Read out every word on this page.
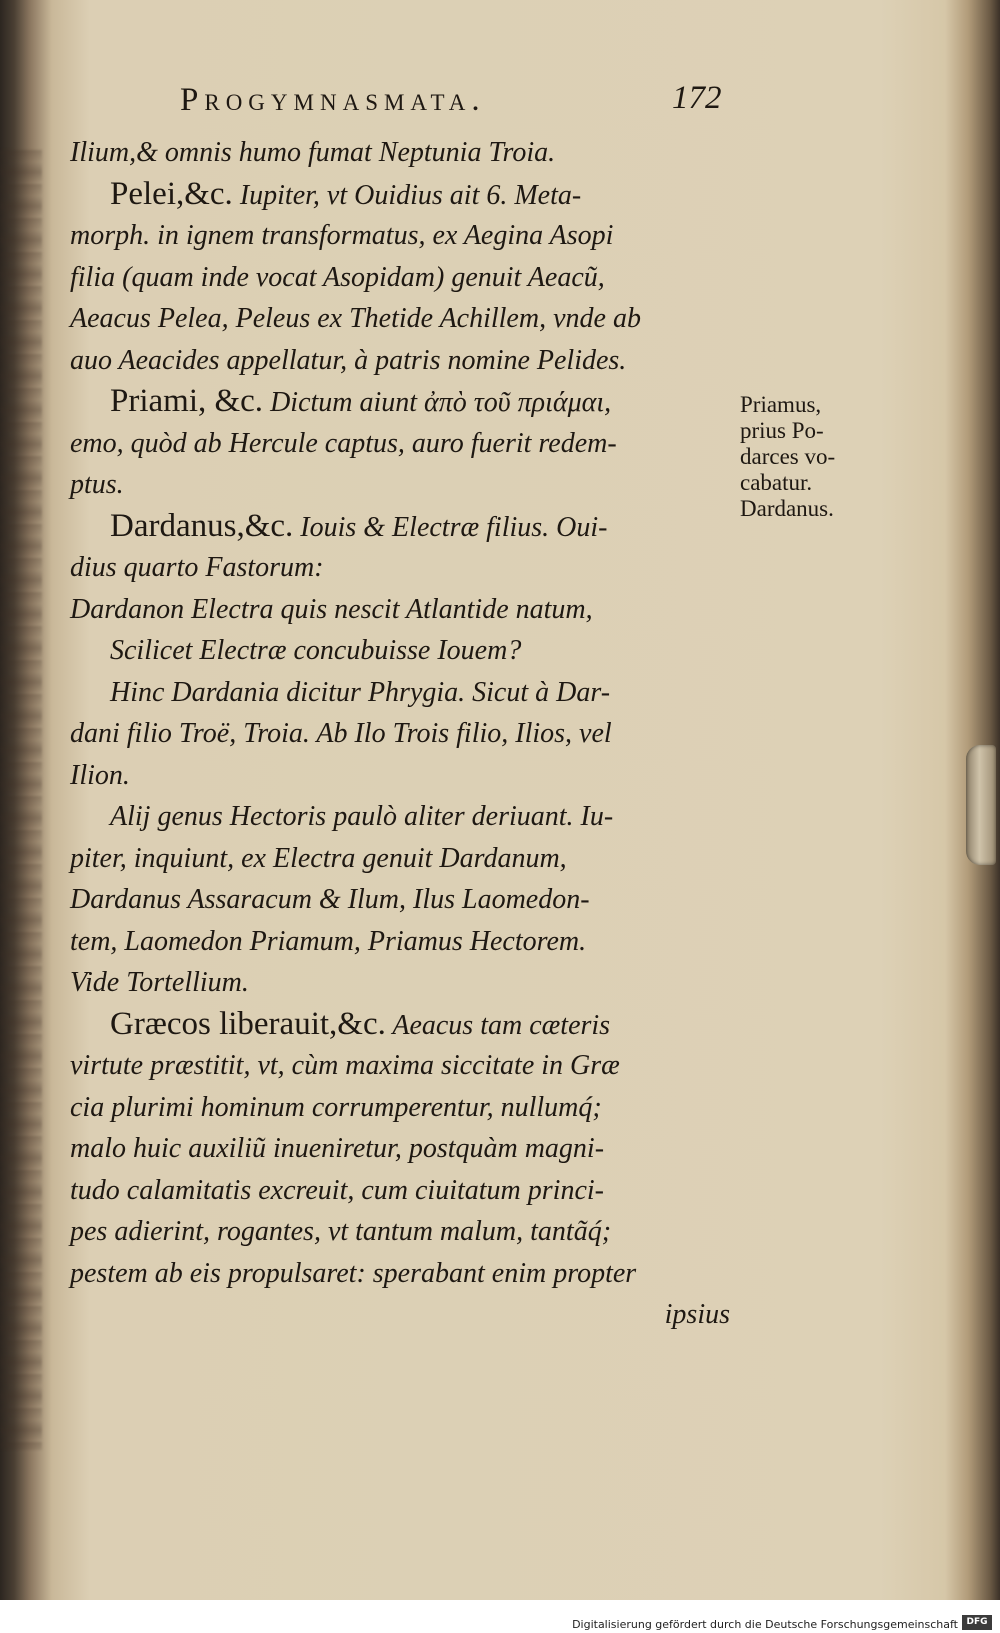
Progymnasmata.	172
Ilium,& omnis humo fumat Neptunia Troia.
Pelei,&c. Iupiter, vt Ouidius ait 6. Meta-
morph. in ignem transformatus, ex Aegina Asopi
filia (quam inde vocat Asopidam) genuit Aeacũ,
Aeacus Pelea, Peleus ex Thetide Achillem, vnde ab
auo Aeacides appellatur, à patris nomine Pelides.
Priami, &c. Dictum aiunt ἀπὸ τοῦ πριάμαι,
emo, quòd ab Hercule captus, auro fuerit redem-
ptus.
Dardanus,&c. Iouis & Electræ filius. Oui-
dius quarto Fastorum:
Dardanon Electra quis nescit Atlantide natum,
Scilicet Electræ concubuisse Iouem?
Hinc Dardania dicitur Phrygia. Sicut à Dar-
dani filio Troë, Troia. Ab Ilo Trois filio, Ilios, vel
Ilion.
Alij genus Hectoris paulò aliter deriuant. Iu-
piter, inquiunt, ex Electra genuit Dardanum,
Dardanus Assaracum & Ilum, Ilus Laomedon-
tem, Laomedon Priamum, Priamus Hectorem.
Vide Tortellium.
Græcos liberauit,&c. Aeacus tam cæteris
virtute præstitit, vt, cùm maxima siccitate in Græ
cia plurimi hominum corrumperentur, nullumq́;
malo huic auxiliũ inueniretur, postquàm magni-
tudo calamitatis excreuit, cum ciuitatum princi-
pes adierint, rogantes, vt tantum malum, tantãq́;
pestem ab eis propulsaret: sperabant enim propter
ipsius
Priamus,
prius Po-
darces vo-
cabatur.
Dardanus.
Digitalisierung gefördert durch die Deutsche Forschungsgemeinschaft DFG
